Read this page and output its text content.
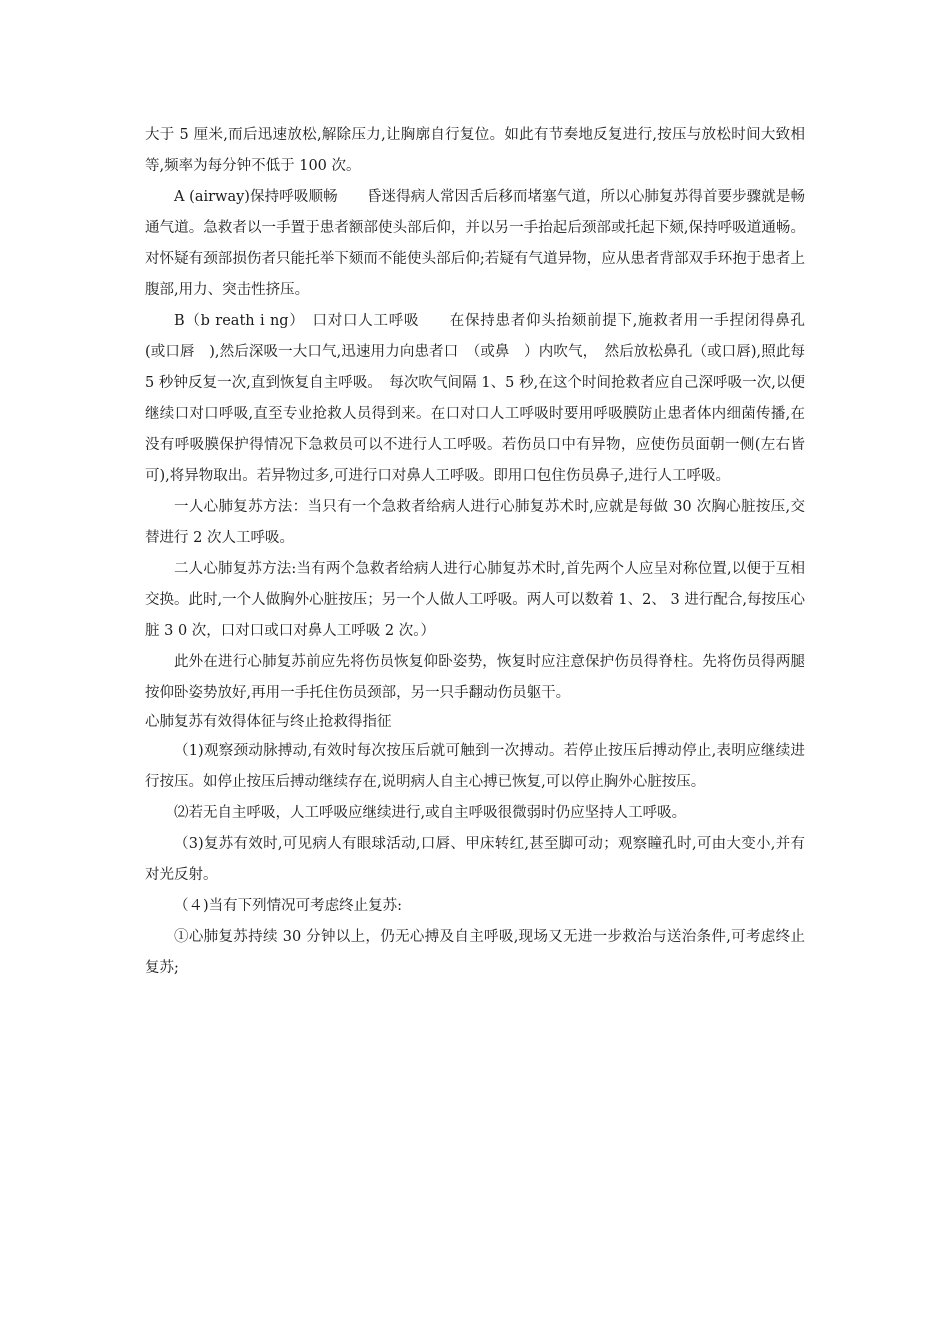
大于 5 厘米,而后迅速放松,解除压力,让胸廓自行复位。如此有节奏地反复进行,按压与放松时间大致相等,频率为每分钟不低于 100 次。

A (airway)保持呼吸顺畅　　昏迷得病人常因舌后移而堵塞气道，所以心肺复苏得首要步骤就是畅通气道。急救者以一手置于患者额部使头部后仰，并以另一手抬起后颈部或托起下颏,保持呼吸道通畅。对怀疑有颈部损伤者只能托举下颏而不能使头部后仰;若疑有气道异物，应从患者背部双手环抱于患者上腹部,用力、突击性挤压。

B（b reath i ng）　口对口人工呼吸　　在保持患者仰头抬颏前提下,施救者用一手捏闭得鼻孔　(或口唇　),然后深吸一大口气,迅速用力向患者口　（或鼻　）内吹气，　然后放松鼻孔（或口唇),照此每 5 秒钟反复一次,直到恢复自主呼吸。　每次吹气间隔 1、5 秒,在这个时间抢救者应自己深呼吸一次,以便继续口对口呼吸,直至专业抢救人员得到来。在口对口人工呼吸时要用呼吸膜防止患者体内细菌传播,在没有呼吸膜保护得情况下急救员可以不进行人工呼吸。若伤员口中有异物，应使伤员面朝一侧(左右皆可),将异物取出。若异物过多,可进行口对鼻人工呼吸。即用口包住伤员鼻子,进行人工呼吸。

一人心肺复苏方法：当只有一个急救者给病人进行心肺复苏术时,应就是每做 30 次胸心脏按压,交替进行 2 次人工呼吸。

二人心肺复苏方法:当有两个急救者给病人进行心肺复苏术时,首先两个人应呈对称位置,以便于互相交换。此时,一个人做胸外心脏按压；另一个人做人工呼吸。两人可以数着 1、2、 3 进行配合,每按压心脏 3 0 次，口对口或口对鼻人工呼吸 2 次。）

此外在进行心肺复苏前应先将伤员恢复仰卧姿势，恢复时应注意保护伤员得脊柱。先将伤员得两腿按仰卧姿势放好,再用一手托住伤员颈部，另一只手翻动伤员躯干。

心肺复苏有效得体征与终止抢救得指征

（1)观察颈动脉搏动,有效时每次按压后就可触到一次搏动。若停止按压后搏动停止,表明应继续进行按压。如停止按压后搏动继续存在,说明病人自主心搏已恢复,可以停止胸外心脏按压。

⑵若无自主呼吸，人工呼吸应继续进行,或自主呼吸很微弱时仍应坚持人工呼吸。

（3)复苏有效时,可见病人有眼球活动,口唇、甲床转红,甚至脚可动；观察瞳孔时,可由大变小,并有对光反射。

（４)当有下列情况可考虑终止复苏:

①心肺复苏持续 30 分钟以上，仍无心搏及自主呼吸,现场又无进一步救治与送治条件,可考虑终止复苏;
